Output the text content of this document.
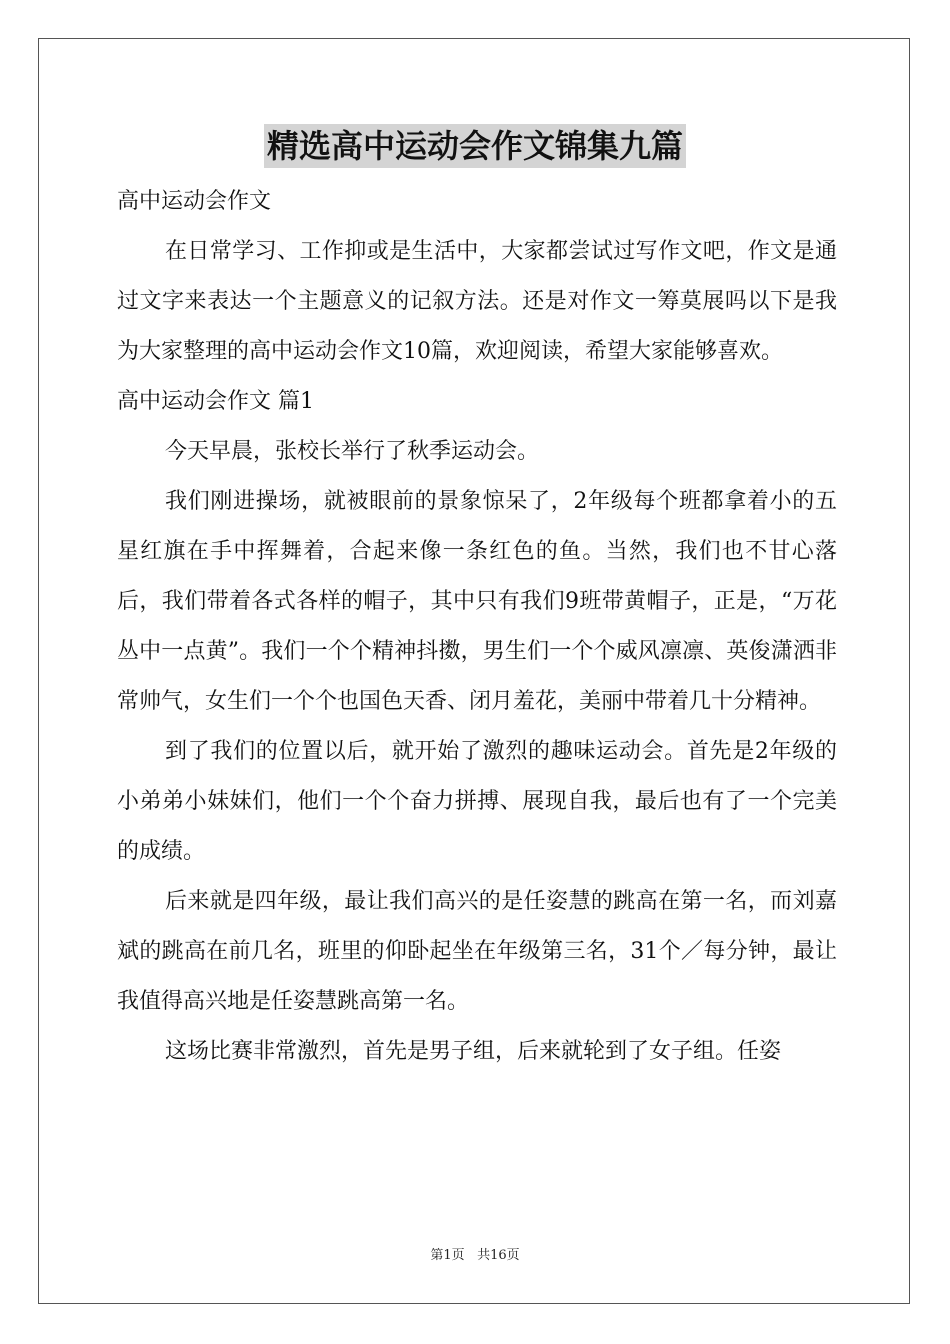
精选高中运动会作文锦集九篇

高中运动会作文

在日常学习、工作抑或是生活中，大家都尝试过写作文吧，作文是通过文字来表达一个主题意义的记叙方法。还是对作文一筹莫展吗以下是我为大家整理的高中运动会作文10篇，欢迎阅读，希望大家能够喜欢。

高中运动会作文 篇1

今天早晨，张校长举行了秋季运动会。

我们刚进操场，就被眼前的景象惊呆了，2年级每个班都拿着小的五星红旗在手中挥舞着，合起来像一条红色的鱼。当然，我们也不甘心落后，我们带着各式各样的帽子，其中只有我们9班带黄帽子，正是，“万花丛中一点黄”。我们一个个精神抖擞，男生们一个个威风凛凛、英俊潇洒非常帅气，女生们一个个也国色天香、闭月羞花，美丽中带着几十分精神。

到了我们的位置以后，就开始了激烈的趣味运动会。首先是2年级的小弟弟小妹妹们，他们一个个奋力拼搏、展现自我，最后也有了一个完美的成绩。

后来就是四年级，最让我们高兴的是任姿慧的跳高在第一名，而刘嘉斌的跳高在前几名，班里的仰卧起坐在年级第三名，31个／每分钟，最让我值得高兴地是任姿慧跳高第一名。

这场比赛非常激烈，首先是男子组，后来就轮到了女子组。任姿

第1页 共16页
